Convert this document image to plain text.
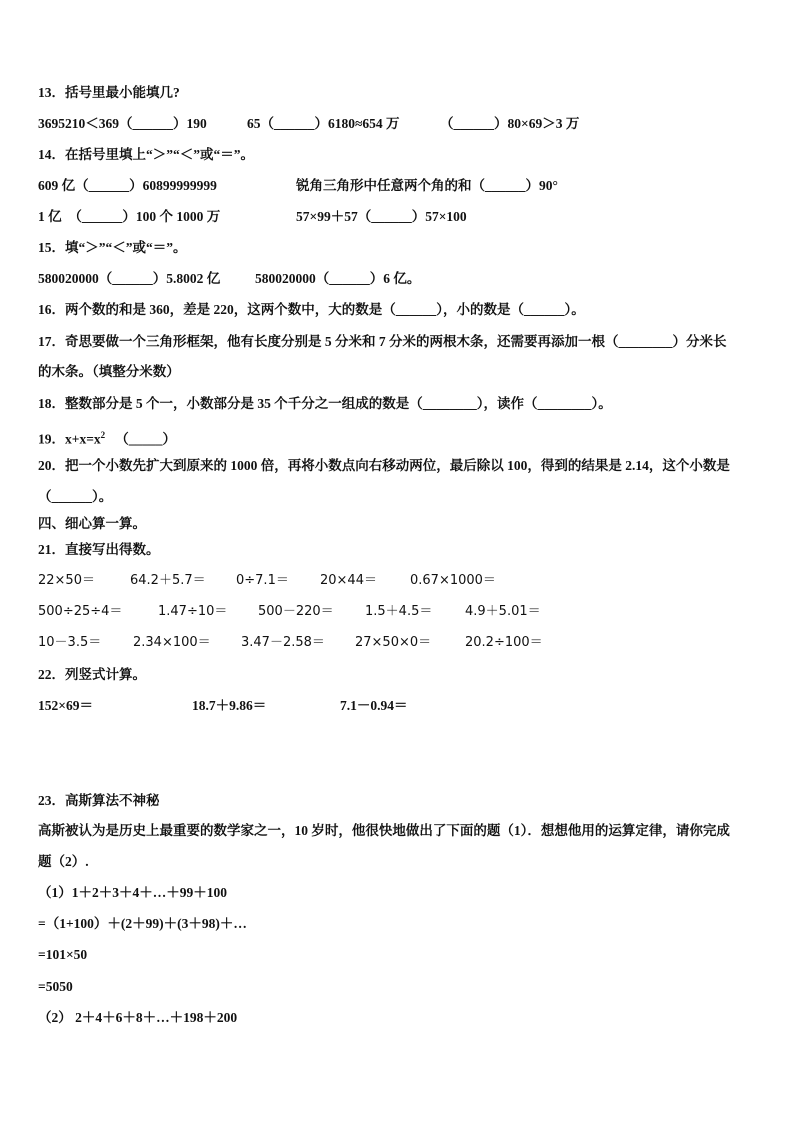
13．括号里最小能填几?
3695210＜369（______）190	65（______）6180≈654 万	（______）80×69＞3 万
14．在括号里填上“＞”“＜”或“＝”。
609 亿（______）60899999999	锐角三角形中任意两个角的和（______）90°
1 亿  （______）100 个 1000 万	57×99＋57（______）57×100
15．填“＞”“＜”或“＝”。
580020000（______）5.8002 亿	580020000（______）6 亿。
16．两个数的和是 360，差是 220，这两个数中，大的数是（______），小的数是（______）。
17．奇思要做一个三角形框架，他有长度分别是 5 分米和 7 分米的两根木条，还需要再添加一根（________）分米长
的木条。（填整分米数）
18．整数部分是 5 个一，小数部分是 35 个千分之一组成的数是（________），读作（________）。
19．$x+x=x^2$ （_____）
20．把一个小数先扩大到原来的 1000 倍，再将小数点向右移动两位，最后除以 100，得到的结果是 2.14，这个小数是
（______）。
四、细心算一算。
21．直接写出得数。
22×50＝	64.2＋5.7＝ 0÷7.1＝ 20×44＝	0.67×1000＝
500÷25÷4＝	1.47÷10＝ 500－220＝ 1.5＋4.5＝	4.9＋5.01＝
10－3.5＝ 2.34×100＝ 3.47－2.58＝ 27×50×0＝	20.2÷100＝
22．列竖式计算。
152×69＝	18.7＋9.86＝	7.1－0.94＝
23．高斯算法不神秘
高斯被认为是历史上最重要的数学家之一，10 岁时，他很快地做出了下面的题（1）．想想他用的运算定律，请你完成
题（2）.
（1）1＋2＋3＋4＋…＋99＋100
=（1+100）＋(2＋99)＋(3＋98)＋…
=101×50
=5050
（2） 2＋4＋6＋8＋…＋198＋200
